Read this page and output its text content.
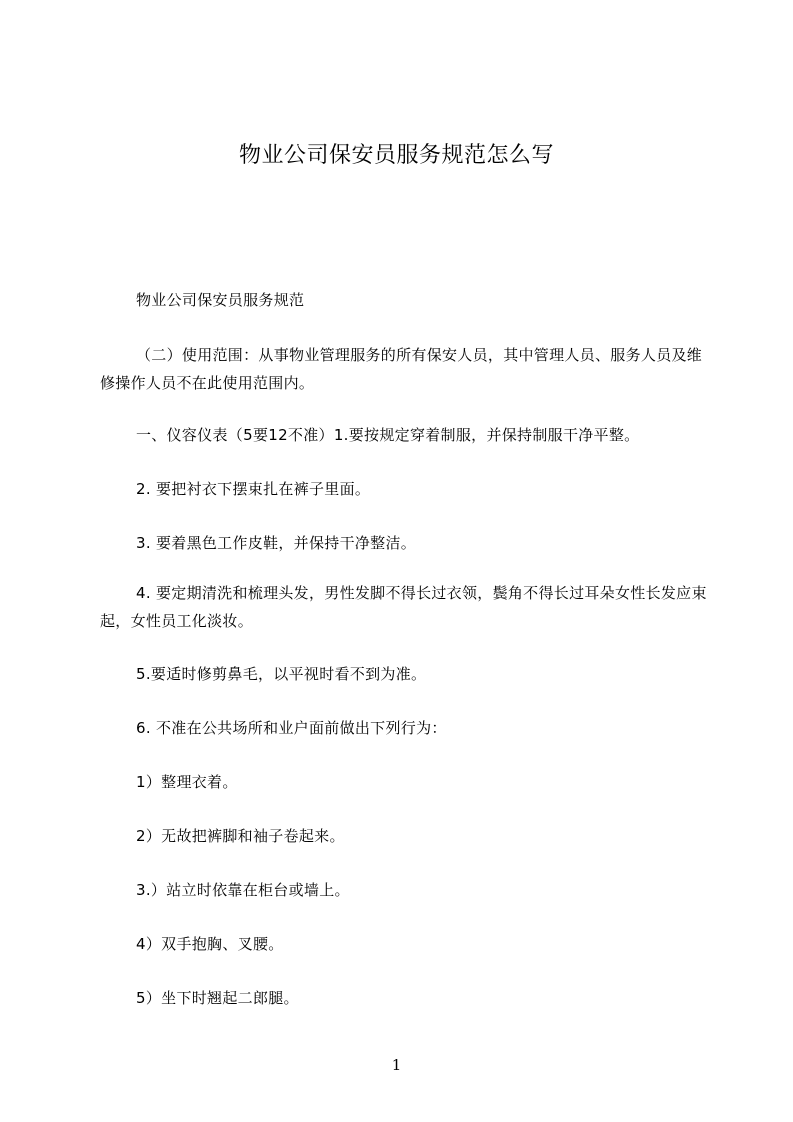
物业公司保安员服务规范怎么写
物业公司保安员服务规范
（二）使用范围：从事物业管理服务的所有保安人员，其中管理人员、服务人员及维修操作人员不在此使用范围内。
一、仪容仪表（5要12不准）1.要按规定穿着制服，并保持制服干净平整。
2. 要把衬衣下摆束扎在裤子里面。
3. 要着黑色工作皮鞋，并保持干净整洁。
4. 要定期清洗和梳理头发，男性发脚不得长过衣领，鬓角不得长过耳朵女性长发应束起，女性员工化淡妆。
5.要适时修剪鼻毛，以平视时看不到为准。
6. 不准在公共场所和业户面前做出下列行为：
1）整理衣着。
2）无故把裤脚和袖子卷起来。
3.）站立时依靠在柜台或墙上。
4）双手抱胸、叉腰。
5）坐下时翘起二郎腿。
1
